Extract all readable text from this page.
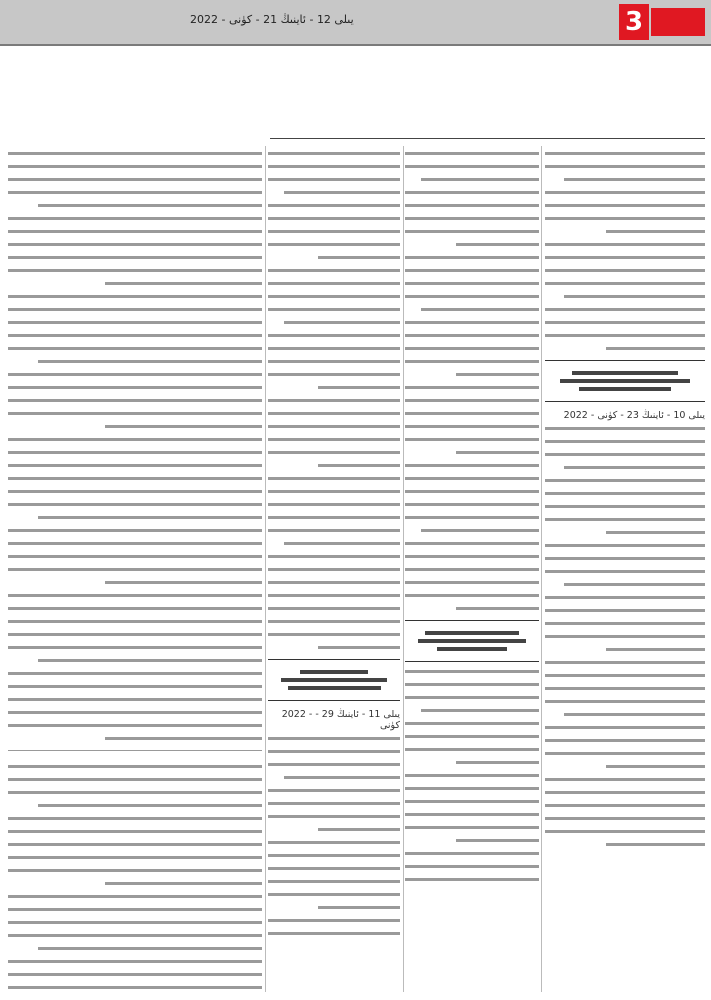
2022 - يىلى 12 - ئاينىڭ 21 - كۈنى	3

2022 - يىلى 10 - ئاينىڭ 23 - كۈنى

2022 - يىلى 11 - ئاينىڭ 29 - كۈنى
